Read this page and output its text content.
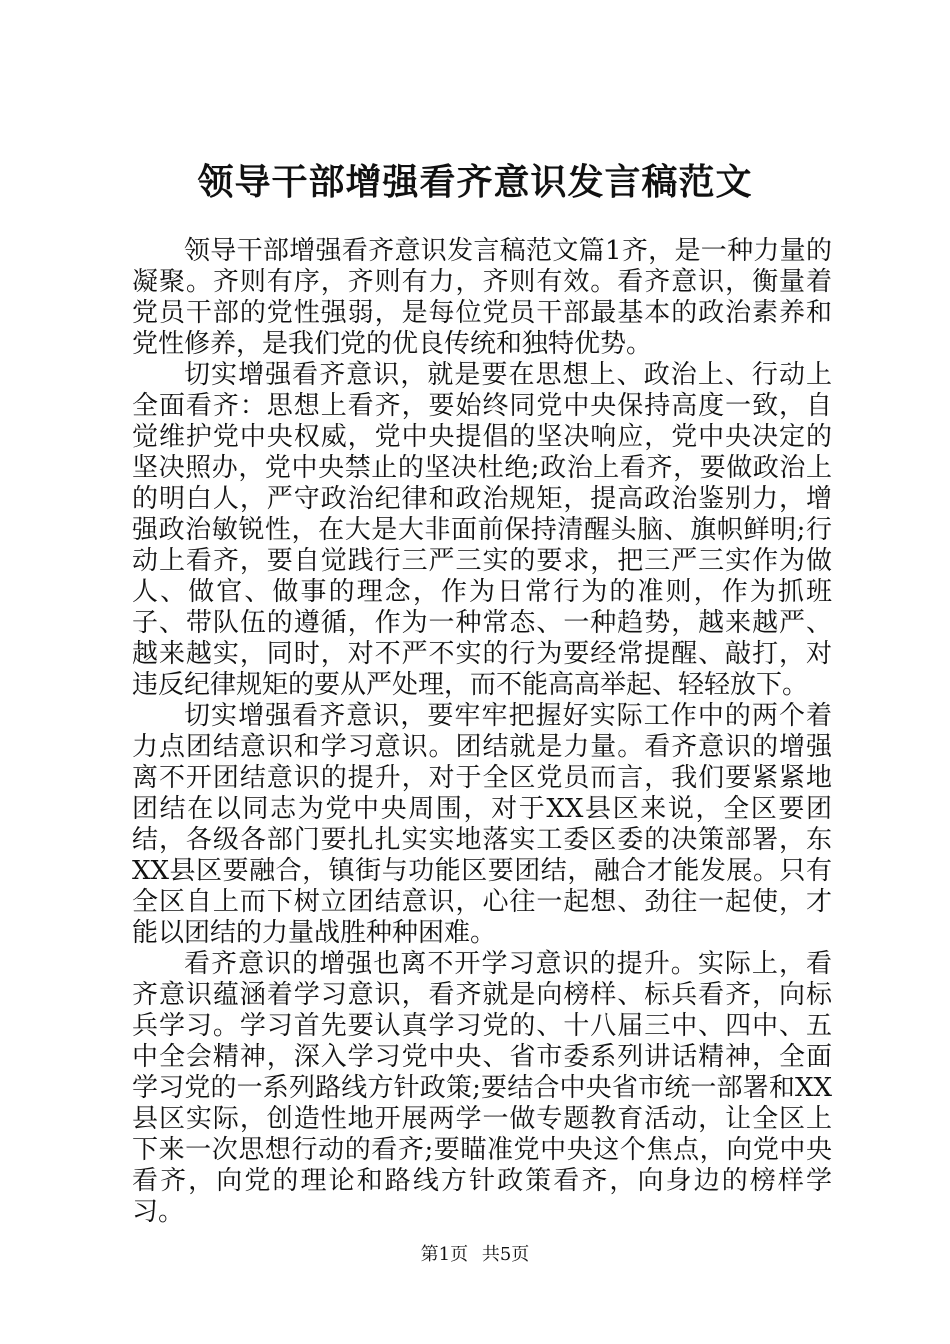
领导干部增强看齐意识发言稿范文

领导干部增强看齐意识发言稿范文篇1齐，是一种力量的凝聚。齐则有序，齐则有力，齐则有效。看齐意识，衡量着党员干部的党性强弱，是每位党员干部最基本的政治素养和党性修养，是我们党的优良传统和独特优势。

切实增强看齐意识，就是要在思想上、政治上、行动上全面看齐：思想上看齐，要始终同党中央保持高度一致，自觉维护党中央权威，党中央提倡的坚决响应，党中央决定的坚决照办，党中央禁止的坚决杜绝;政治上看齐，要做政治上的明白人，严守政治纪律和政治规矩，提高政治鉴别力，增强政治敏锐性，在大是大非面前保持清醒头脑、旗帜鲜明;行动上看齐，要自觉践行三严三实的要求，把三严三实作为做人、做官、做事的理念，作为日常行为的准则，作为抓班子、带队伍的遵循，作为一种常态、一种趋势，越来越严、越来越实，同时，对不严不实的行为要经常提醒、敲打，对违反纪律规矩的要从严处理，而不能高高举起、轻轻放下。

切实增强看齐意识，要牢牢把握好实际工作中的两个着力点团结意识和学习意识。团结就是力量。看齐意识的增强离不开团结意识的提升，对于全区党员而言，我们要紧紧地团结在以同志为党中央周围，对于XX县区来说，全区要团结，各级各部门要扎扎实实地落实工委区委的决策部署，东XX县区要融合，镇街与功能区要团结，融合才能发展。只有全区自上而下树立团结意识，心往一起想、劲往一起使，才能以团结的力量战胜种种困难。

看齐意识的增强也离不开学习意识的提升。实际上，看齐意识蕴涵着学习意识，看齐就是向榜样、标兵看齐，向标兵学习。学习首先要认真学习党的、十八届三中、四中、五中全会精神，深入学习党中央、省市委系列讲话精神，全面学习党的一系列路线方针政策;要结合中央省市统一部署和XX县区实际，创造性地开展两学一做专题教育活动，让全区上下来一次思想行动的看齐;要瞄准党中央这个焦点，向党中央看齐，向党的理论和路线方针政策看齐，向身边的榜样学习。

第1页 共5页
